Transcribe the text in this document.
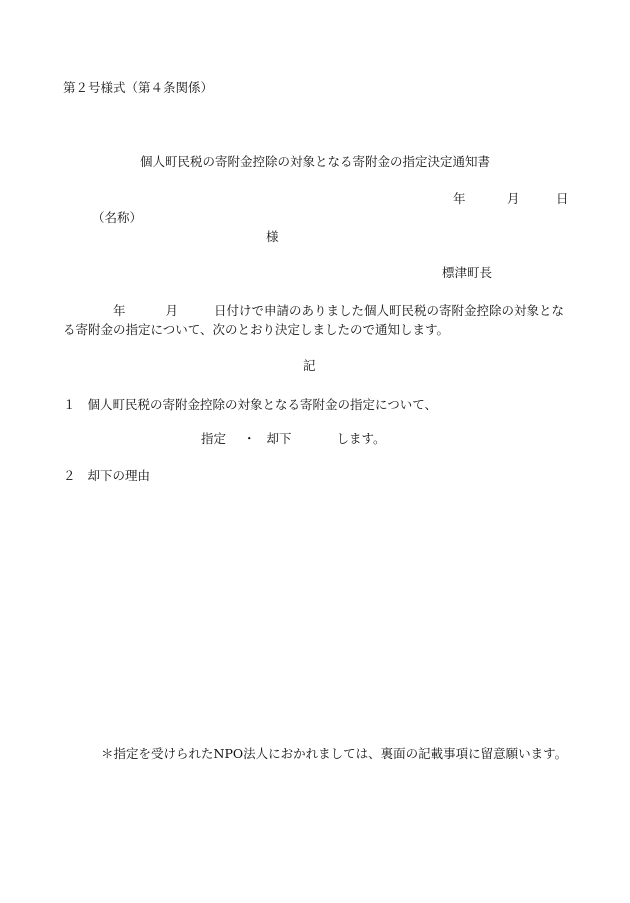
第２号様式（第４条関係）
個人町民税の寄附金控除の対象となる寄附金の指定決定通知書
年	月	日
（名称）
様
標津町長
年	月	日付けで申請のありました個人町民税の寄附金控除の対象とな
る寄附金の指定について、次のとおり決定しましたので通知します。
記
１ 個人町民税の寄附金控除の対象となる寄附金の指定について、
指定 ・ 却下	します。
２ 却下の理由
＊指定を受けられたNPO法人におかれましては、裏面の記載事項に留意願います。
